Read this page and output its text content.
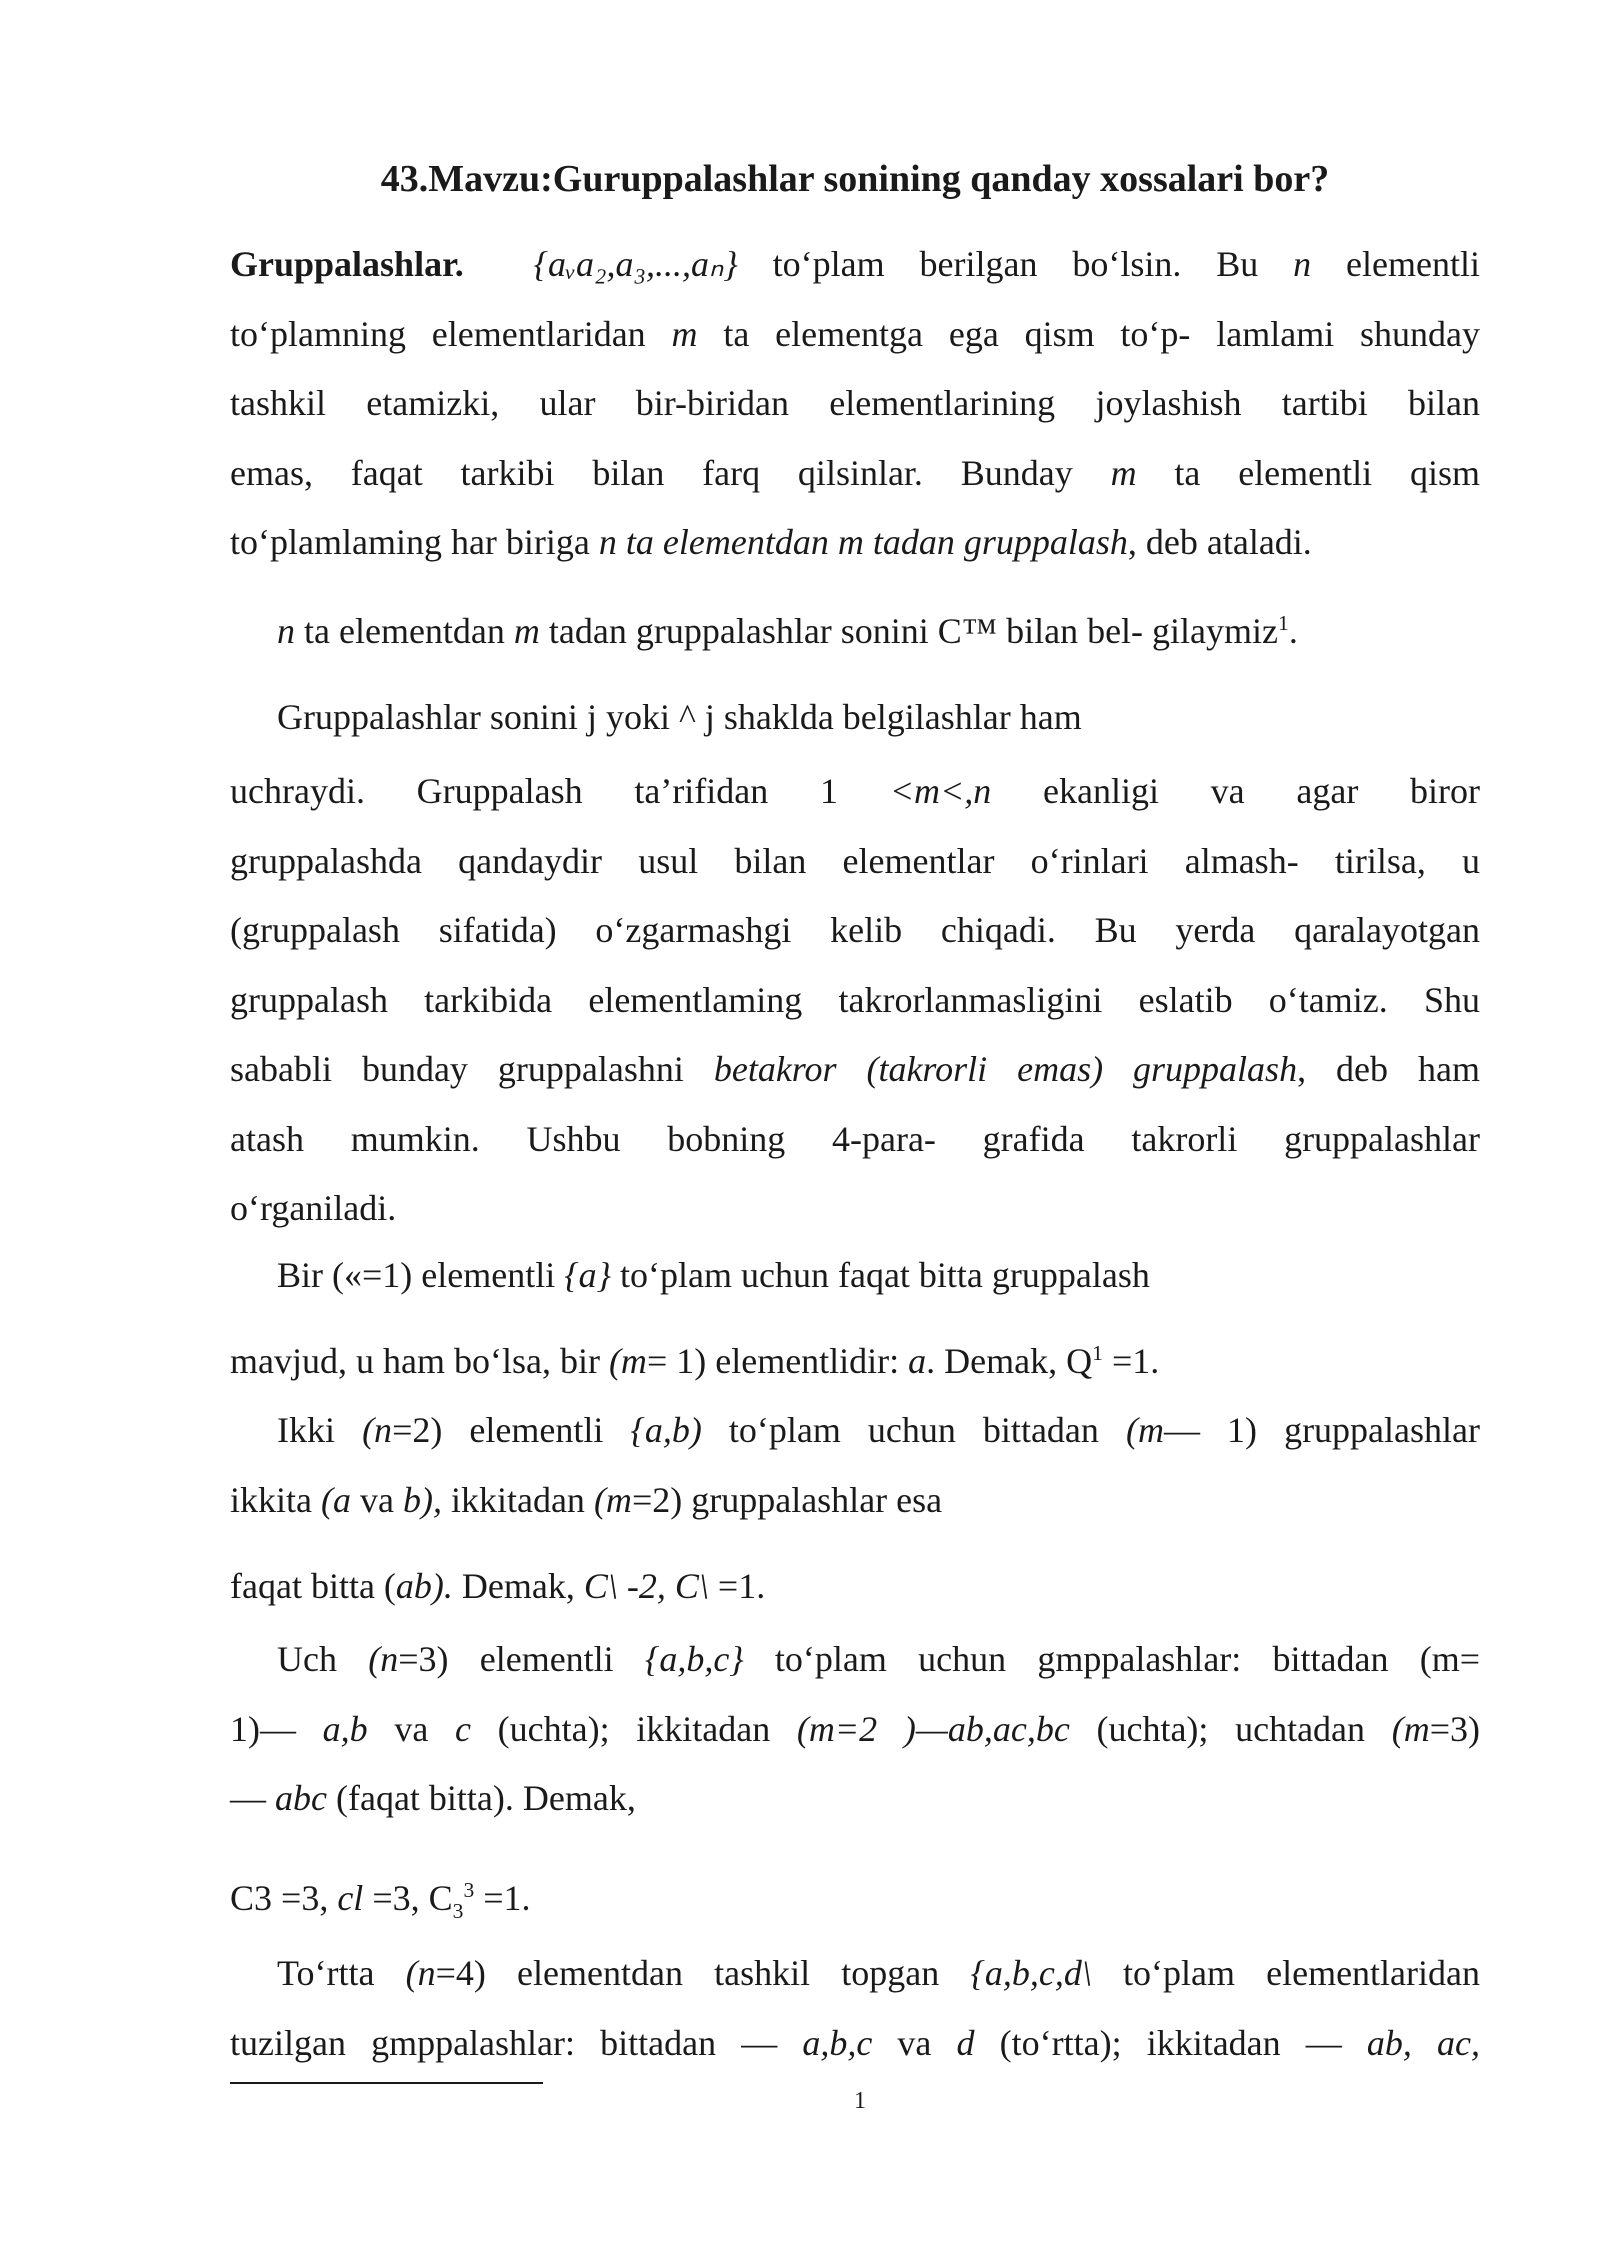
43.Mavzu:Guruppalashlar sonining qanday xossalari bor?
Gruppalashlar. {aᵥa₂,a₃,...,aₙ} to‘plam berilgan bo‘lsin. Bu n elementli
to‘plamning elementlaridan m ta elementga ega qism to‘p- lamlami shunday
tashkil etamizki, ular bir-biridan elementlarining joylashish tartibi bilan
emas, faqat tarkibi bilan farq qilsinlar. Bunday m ta elementli qism
to‘plamlaming har biriga n ta elementdan m tadan gruppalash, deb ataladi.
n ta elementdan m tadan gruppalashlar sonini C™ bilan bel- gilaymiz$^1$.
Gruppalashlar sonini j yoki ^ j shaklda belgilashlar ham
uchraydi. Gruppalash ta’rifidan 1 <m<,n ekanligi va agar biror
gruppalashda qandaydir usul bilan elementlar o‘rinlari almash- tirilsa, u
(gruppalash sifatida) o‘zgarmashgi kelib chiqadi. Bu yerda qaralayotgan
gruppalash tarkibida elementlaming takrorlanmasligini eslatib o‘tamiz. Shu
sababli bunday gruppalashni betakror (takrorli emas) gruppalash, deb ham
atash mumkin. Ushbu bobning 4-para- grafida takrorli gruppalashlar
o‘rganiladi.
Bir («=1) elementli {a} to‘plam uchun faqat bitta gruppalash
mavjud, u ham bo‘lsa, bir (m= 1) elementlidir: a. Demak, $Q^1 =1$.
Ikki (n=2) elementli {a,b) to‘plam uchun bittadan (m— 1) gruppalashlar
ikkita (a va b), ikkitadan (m=2) gruppalashlar esa
faqat bitta (ab). Demak, C\ -2, C\ =1.
Uch (n=3) elementli {a,b,c} to‘plam uchun gmppalashlar: bittadan (m=
1)— a,b va c (uchta); ikkitadan (m=2 )—ab,ac,bc (uchta); uchtadan (m=3)
— abc (faqat bitta). Demak,
C3 =3, cl =3, $C_3^3 =1$.
To‘rtta (n=4) elementdan tashkil topgan {a,b,c,d\ to‘plam elementlaridan
tuzilgan gmppalashlar: bittadan — a,b,c va d (to‘rtta); ikkitadan — ab, ac,
1
